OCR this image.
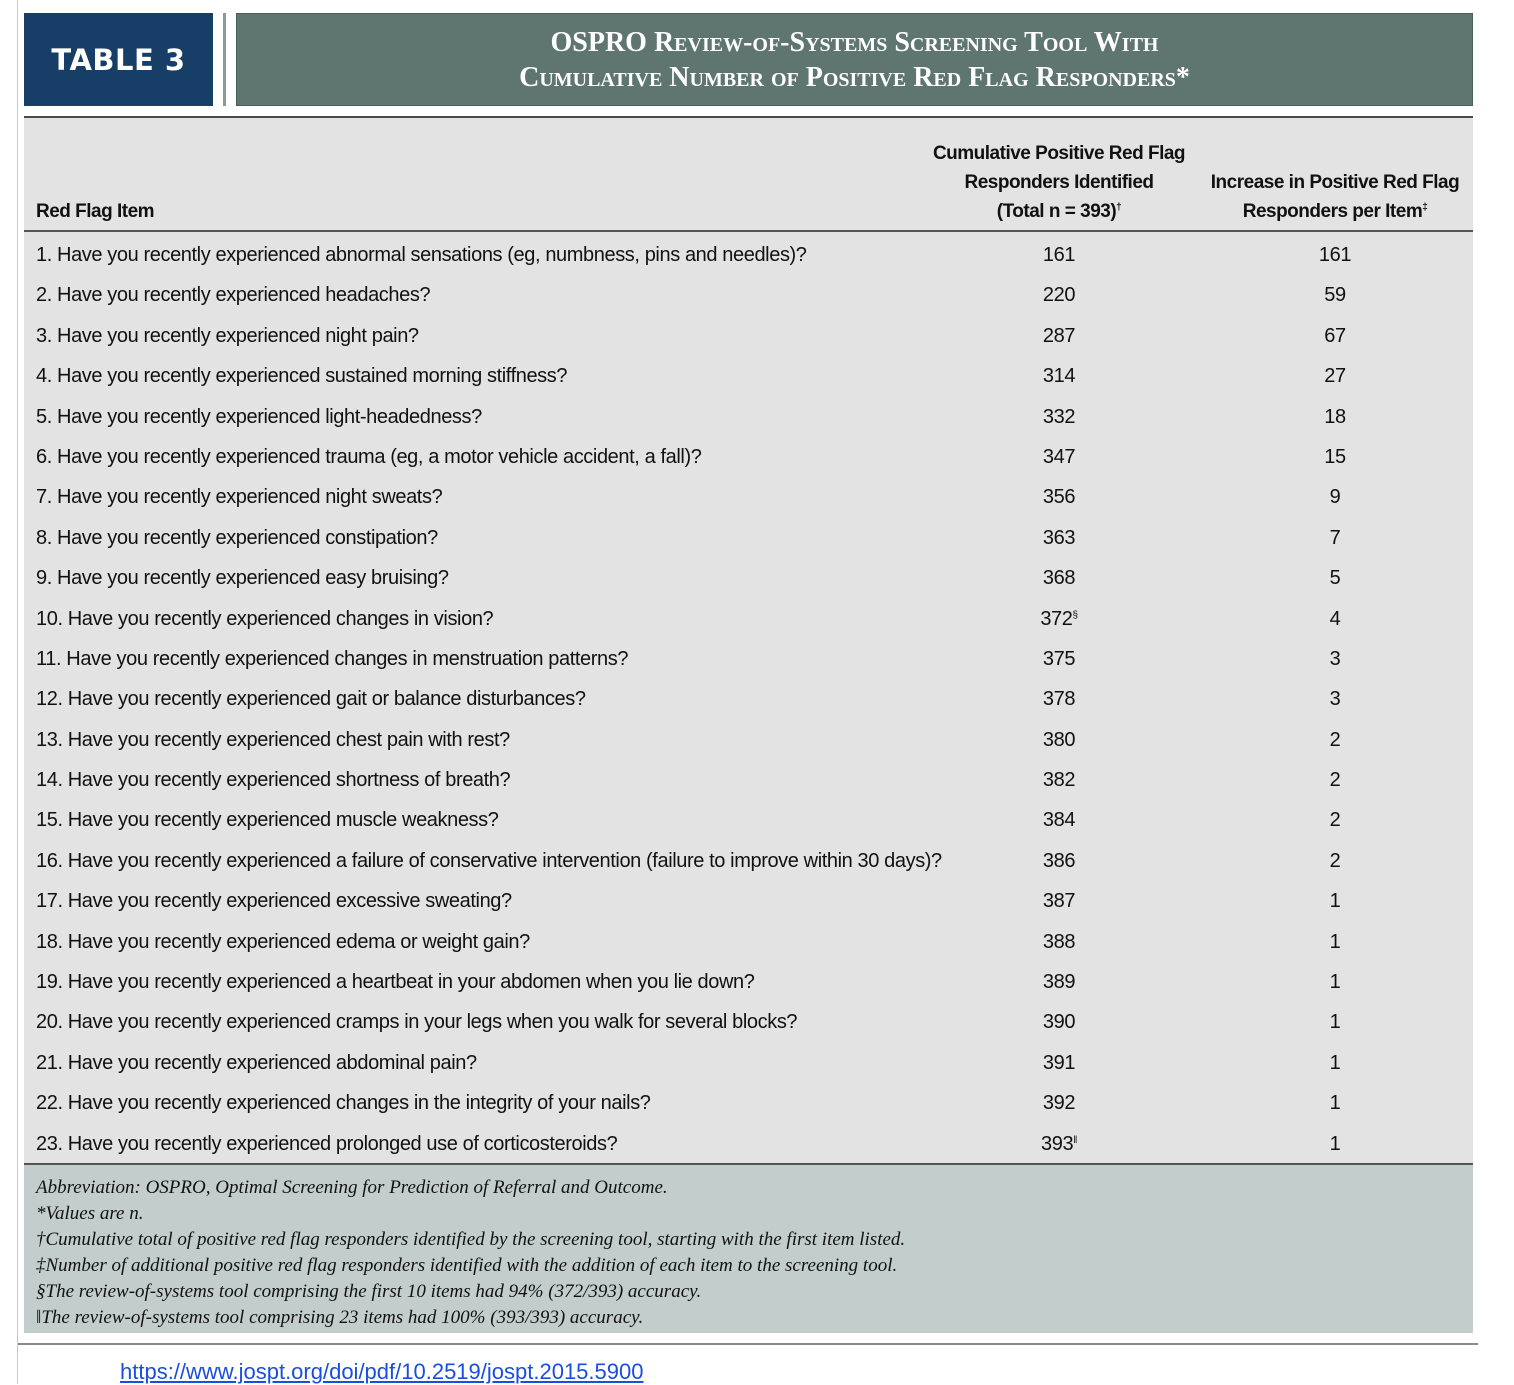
TABLE 3
OSPRO Review-of-Systems Screening Tool With
Cumulative Number of Positive Red Flag Responders*
Red Flag Item
Cumulative Positive Red Flag
Responders Identified
(Total n = 393)†
Increase in Positive Red Flag
Responders per Item‡
1. Have you recently experienced abnormal sensations (eg, numbness, pins and needles)?	161	161
2. Have you recently experienced headaches?	220	59
3. Have you recently experienced night pain?	287	67
4. Have you recently experienced sustained morning stiffness?	314	27
5. Have you recently experienced light-headedness?	332	18
6. Have you recently experienced trauma (eg, a motor vehicle accident, a fall)?	347	15
7. Have you recently experienced night sweats?	356	9
8. Have you recently experienced constipation?	363	7
9. Have you recently experienced easy bruising?	368	5
10. Have you recently experienced changes in vision?	372§	4
11. Have you recently experienced changes in menstruation patterns?	375	3
12. Have you recently experienced gait or balance disturbances?	378	3
13. Have you recently experienced chest pain with rest?	380	2
14. Have you recently experienced shortness of breath?	382	2
15. Have you recently experienced muscle weakness?	384	2
16. Have you recently experienced a failure of conservative intervention (failure to improve within 30 days)?	386	2
17. Have you recently experienced excessive sweating?	387	1
18. Have you recently experienced edema or weight gain?	388	1
19. Have you recently experienced a heartbeat in your abdomen when you lie down?	389	1
20. Have you recently experienced cramps in your legs when you walk for several blocks?	390	1
21. Have you recently experienced abdominal pain?	391	1
22. Have you recently experienced changes in the integrity of your nails?	392	1
23. Have you recently experienced prolonged use of corticosteroids?	393‖	1
Abbreviation: OSPRO, Optimal Screening for Prediction of Referral and Outcome.
*Values are n.
†Cumulative total of positive red flag responders identified by the screening tool, starting with the first item listed.
‡Number of additional positive red flag responders identified with the addition of each item to the screening tool.
§The review-of-systems tool comprising the first 10 items had 94% (372/393) accuracy.
‖The review-of-systems tool comprising 23 items had 100% (393/393) accuracy.
https://www.jospt.org/doi/pdf/10.2519/jospt.2015.5900
